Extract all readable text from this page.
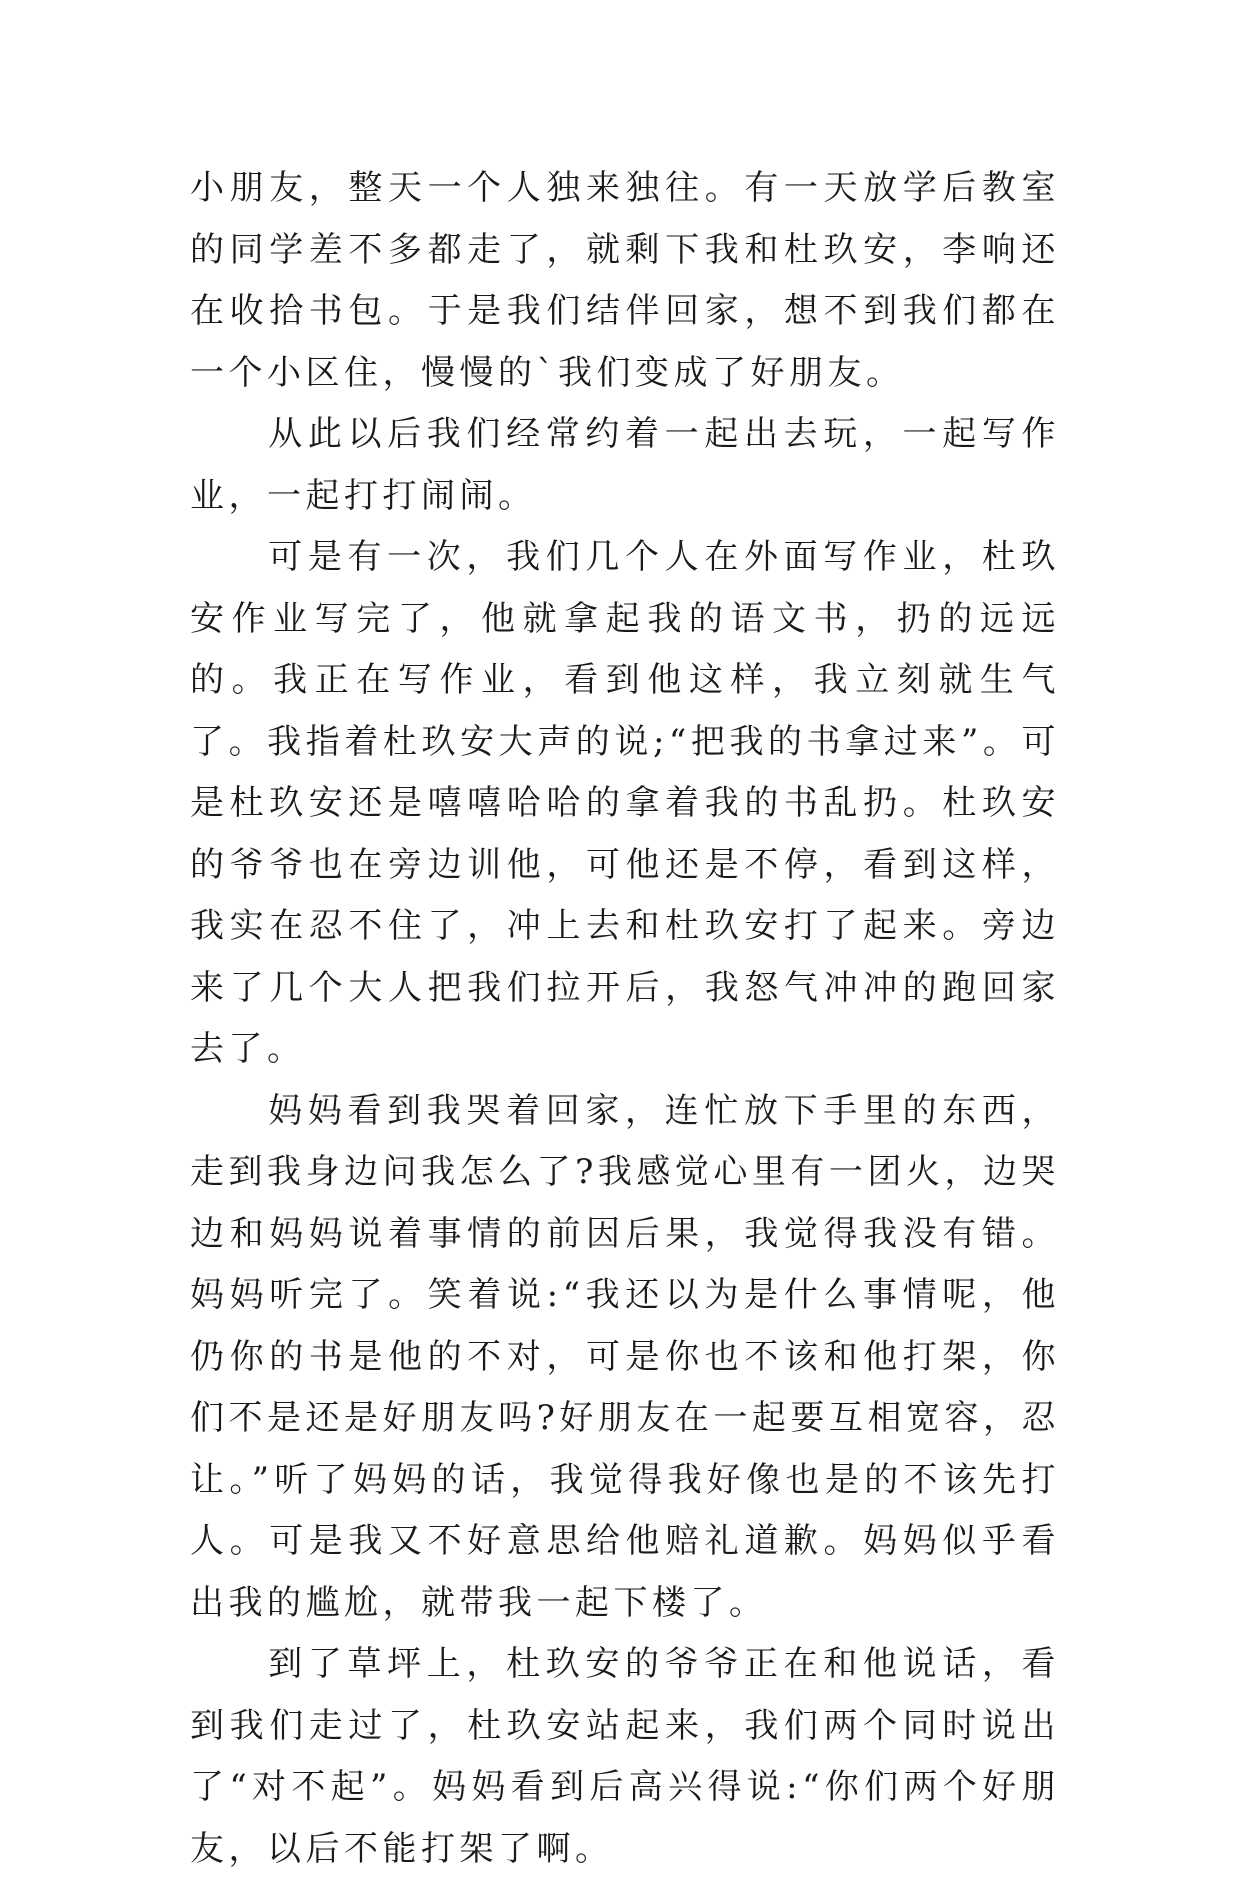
小朋友，整天一个人独来独往。有一天放学后教室的同学差不多都走了，就剩下我和杜玖安，李响还在收拾书包。于是我们结伴回家，想不到我们都在一个小区住，慢慢的`我们变成了好朋友。

从此以后我们经常约着一起出去玩，一起写作业，一起打打闹闹。

可是有一次，我们几个人在外面写作业，杜玖安作业写完了，他就拿起我的语文书，扔的远远的。我正在写作业，看到他这样，我立刻就生气了。我指着杜玖安大声的说;“把我的书拿过来”。可是杜玖安还是嘻嘻哈哈的拿着我的书乱扔。杜玖安的爷爷也在旁边训他，可他还是不停，看到这样，我实在忍不住了，冲上去和杜玖安打了起来。旁边来了几个大人把我们拉开后，我怒气冲冲的跑回家去了。

妈妈看到我哭着回家，连忙放下手里的东西，走到我身边问我怎么了?我感觉心里有一团火，边哭边和妈妈说着事情的前因后果，我觉得我没有错。妈妈听完了。笑着说:“我还以为是什么事情呢，他仍你的书是他的不对，可是你也不该和他打架，你们不是还是好朋友吗?好朋友在一起要互相宽容，忍让。”听了妈妈的话，我觉得我好像也是的不该先打人。可是我又不好意思给他赔礼道歉。妈妈似乎看出我的尴尬，就带我一起下楼了。

到了草坪上，杜玖安的爷爷正在和他说话，看到我们走过了，杜玖安站起来，我们两个同时说出了“对不起”。妈妈看到后高兴得说:“你们两个好朋友，以后不能打架了啊。
